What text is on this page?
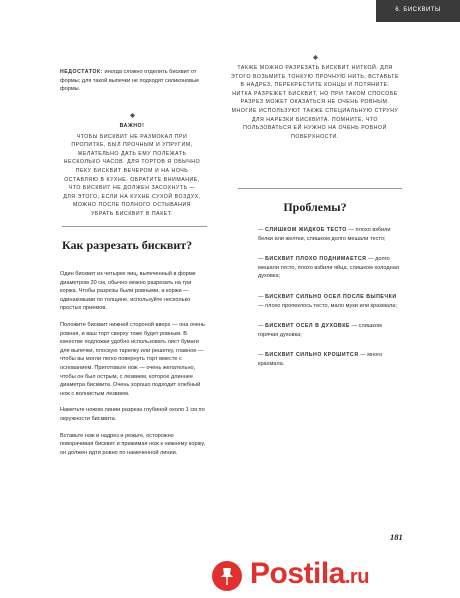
6. БИСКВИТЫ

НЕДОСТАТОК: иногда сложно отделить бисквит от формы; для такой выпечки не подходят силиконовые формы.

ВАЖНО!

ЧТОБЫ БИСКВИТ НЕ РАЗМОКАЛ ПРИ ПРОПИТКЕ, БЫЛ ПРОЧНЫМ И УПРУГИМ, ЖЕЛАТЕЛЬНО ДАТЬ ЕМУ ПОЛЕЖАТЬ НЕСКОЛЬКО ЧАСОВ. ДЛЯ ТОРТОВ Я ОБЫЧНО ПЕКУ БИСКВИТ ВЕЧЕРОМ И НА НОЧЬ ОСТАВЛЯЮ В КУХНЕ. ОБРАТИТЕ ВНИМАНИЕ, ЧТО БИСКВИТ НЕ ДОЛЖЕН ЗАСОХНУТЬ — ДЛЯ ЭТОГО, ЕСЛИ НА КУХНЕ СУХОЙ ВОЗДУХ, МОЖНО ПОСЛЕ ПОЛНОГО ОСТЫВАНИЯ УБРАТЬ БИСКВИТ В ПАКЕТ.

Как разрезать бисквит?

Один бисквит из четырех яиц, выпеченный в форме диаметром 20 см, обычно можно разрезать на три коржа. Чтобы разрезы были ровными, а коржи — одинаковыми по толщине, используйте несколько простых приемов.

Положите бисквит нижней стороной вверх — она очень ровная, и ваш торт сверху тоже будет ровным. В качестве подложки удобно использовать лист бумаги для выпечки, плоскую тарелку или решетку, главное — чтобы вы могли легко повернуть торт вместе с основанием. Приготовьте нож — очень желательно, чтобы он был острым, с лезвием, которое длиннее диаметра бисквита. Очень хорошо подходит хлебный нож с волнистым лезвием.

Наметьте ножом линии разреза глубиной около 1 см по окружности бисквита.

Вставьте нож в надрез и режьте, осторожно поворачивая бисквит и прижимая нож к нижнему коржу, он должен идти ровно по намеченной линии.

ТАКЖЕ МОЖНО РАЗРЕЗАТЬ БИСКВИТ НИТКОЙ. ДЛЯ ЭТОГО ВОЗЬМИТЕ ТОНКУЮ ПРОЧНУЮ НИТЬ, ВСТАВЬТЕ В НАДРЕЗ, ПЕРЕКРЕСТИТЕ КОНЦЫ И ПОТЯНИТЕ. НИТКА РАЗРЕЖЕТ БИСКВИТ, НО ПРИ ТАКОМ СПОСОБЕ РАЗРЕЗ МОЖЕТ ОКАЗАТЬСЯ НЕ ОЧЕНЬ РОВНЫМ. МНОГИЕ ИСПОЛЬЗУЮТ ТАКЖЕ СПЕЦИАЛЬНУЮ СТРУНУ ДЛЯ НАРЕЗКИ БИСКВИТА. ПОМНИТЕ, ЧТО ПОЛЬЗОВАТЬСЯ ЕЙ НУЖНО НА ОЧЕНЬ РОВНОЙ ПОВЕРХНОСТИ.

Проблемы?

— СЛИШКОМ ЖИДКОЕ ТЕСТО — плохо взбили белки или желтки, слишком долго мешали тесто;

— БИСКВИТ ПЛОХО ПОДНИМАЕТСЯ — долго мешали тесто, плохо взбили яйца, слишком холодная духовка;

— БИСКВИТ СИЛЬНО ОСЕЛ ПОСЛЕ ВЫПЕЧКИ — плохо пропеклось тесто, мало муки или крахмала;

— БИСКВИТ ОСЕЛ В ДУХОВКЕ — слишком горячая духовка;

— БИСКВИТ СИЛЬНО КРОШИТСЯ — много крахмала.

181
Postila.ru
